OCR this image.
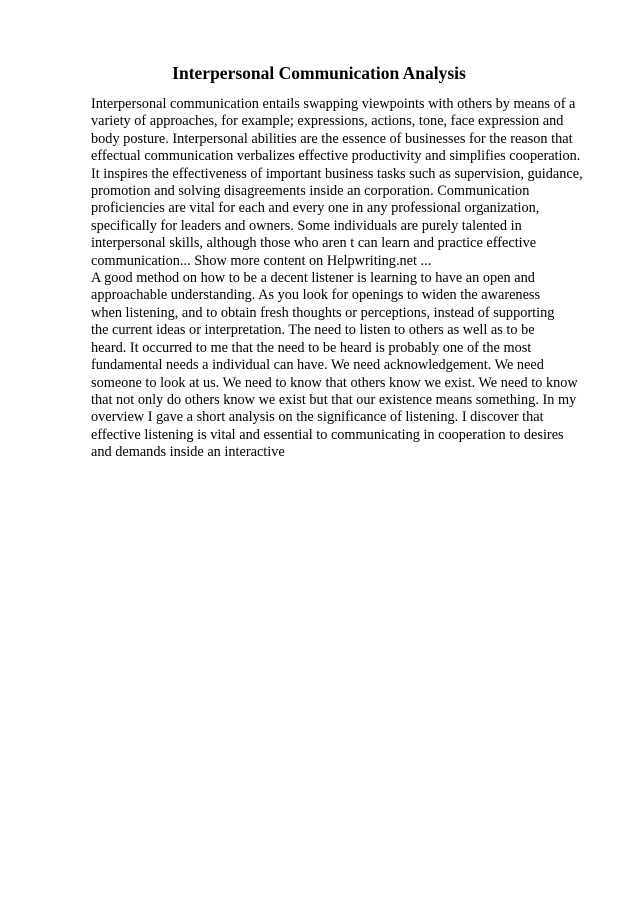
Interpersonal Communication Analysis
Interpersonal communication entails swapping viewpoints with others by means of a
variety of approaches, for example; expressions, actions, tone, face expression and
body posture. Interpersonal abilities are the essence of businesses for the reason that
effectual communication verbalizes effective productivity and simplifies cooperation.
It inspires the effectiveness of important business tasks such as supervision, guidance,
promotion and solving disagreements inside an corporation. Communication
proficiencies are vital for each and every one in any professional organization,
specifically for leaders and owners. Some individuals are purely talented in
interpersonal skills, although those who aren t can learn and practice effective
communication... Show more content on Helpwriting.net ...
A good method on how to be a decent listener is learning to have an open and
approachable understanding. As you look for openings to widen the awareness
when listening, and to obtain fresh thoughts or perceptions, instead of supporting
the current ideas or interpretation. The need to listen to others as well as to be
heard. It occurred to me that the need to be heard is probably one of the most
fundamental needs a individual can have. We need acknowledgement. We need
someone to look at us. We need to know that others know we exist. We need to know
that not only do others know we exist but that our existence means something. In my
overview I gave a short analysis on the significance of listening. I discover that
effective listening is vital and essential to communicating in cooperation to desires
and demands inside an interactive
